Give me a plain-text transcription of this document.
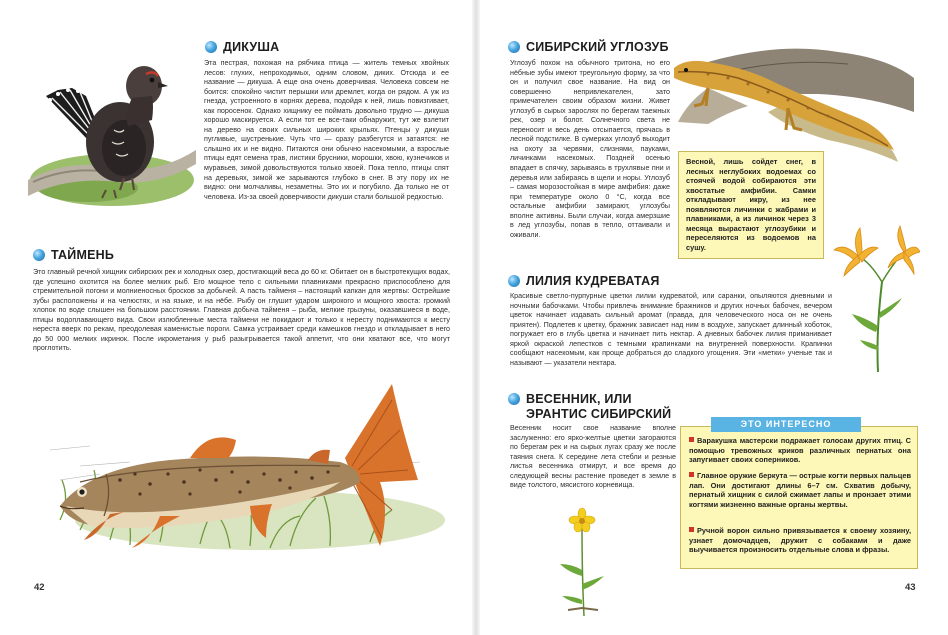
ДИКУША
Эта пестрая, похожая на рябчика птица — житель темных хвойных лесов: глухих, непроходимых, одним словом, диких. Отсюда и ее название — дикуша. А еще она очень доверчивая. Человека совсем не боится: спокойно чистит перышки или дремлет, когда он рядом. А уж из гнезда, устроенного в корнях дерева, подойдя к ней, лишь повизгивает, как поросенок. Однако хищнику ее поймать довольно трудно — дикуша хорошо маскируется. А если тот ее все-таки обнаружит, тут же взлетит на дерево на своих сильных широких крыльях. Птенцы у дикуши пугливые, шустренькие. Чуть что — сразу разбегутся и затаятся: не слышно их и не видно. Питаются они обычно насекомыми, а взрослые птицы едят семена трав, листики брусники, морошки, хвою, кузнечиков и муравьев, зимой довольствуются только хвоей. Пока тепло, птицы спят на деревьях, зимой же зарываются глубоко в снег. В эту пору их не видно: они молчаливы, незаметны. Это их и погубило. Да только не от человека. Из-за своей доверчивости дикуши стали большой редкостью.
ТАЙМЕНЬ
Это главный речной хищник сибирских рек и холодных озер, достигающий веса до 60 кг. Обитает он в быстротекущих водах, где успешно охотится на более мелких рыб. Его мощное тело с сильными плавниками прекрасно приспособлено для стремительной погони и молниеносных бросков за добычей. А пасть тайменя – настоящий капкан для жертвы: Острейшие зубы расположены и на челюстях, и на языке, и на нёбе. Рыбу он глушит ударом широкого и мощного хвоста: громкий хлопок по воде слышен на большом расстоянии. Главная добыча тайменя – рыба, мелкие грызуны, оказавшиеся в воде, птицы водоплавающего вида. Свои излюбленные места таймени не покидают и только к нересту поднимаются к месту нереста вверх по рекам, преодолевая каменистые пороги. Самка устраивает среди камешков гнездо и откладывает в него до 50 000 мелких икринок. После икрометания у рыб разыгрывается такой аппетит, что они хватают все, что могут проглотить.
42
СИБИРСКИЙ УГЛОЗУБ
Углозуб похож на обычного тритона, но его нёбные зубы имеют треугольную форму, за что он и получил свое название. На вид он совершенно непривлекателен, зато примечателен своим образом жизни. Живет углозуб в сырых зарослях по берегам таежных рек, озер и болот. Солнечного света не переносит и весь день отсыпается, прячась в лесной подстилке. В сумерках углозуб выходит на охоту за червями, слизнями, пауками, личинками насекомых. Поздней осенью впадает в спячку, зарываясь в трухлявые пни и деревья или забираясь в щели и норы. Углозуб – самая морозостойкая в мире амфибия: даже при температуре около 0 °С, когда все остальные амфибии замирают, углозубы вполне активны. Были случаи, когда амерзшие в лед углозубы, попав в тепло, оттаивали и оживали.
Весной, лишь сойдет снег, в лесных неглубоких водоемах со стоячей водой собираются эти хвостатые амфибии. Самки откладывают икру, из нее появляются личинки с жабрами и плавниками, а из личинок через 3 месяца вырастают углозубики и переселяются из водоемов на сушу.
ЛИЛИЯ КУДРЕВАТАЯ
Красивые светло-пурпурные цветки лилии кудреватой, или саранки, опыляются дневными и ночными бабочками. Чтобы привлечь внимание бражников и других ночных бабочек, вечером цветок начинает издавать сильный аромат (правда, для человеческого носа он не очень приятен). Подлетев к цветку, бражник зависает над ним в воздухе, запускает длинный хоботок, погружает его в глубь цветка и начинает пить нектар. А дневных бабочек лилия приманивает яркой окраской лепестков с темными крапинками на внутренней поверхности. Крапинки сообщают насекомым, как проще добраться до сладкого угощения. Эти «метки» ученые так и называют — указатели нектара.
ВЕСЕННИК, ИЛИ
ЭРАНТИС СИБИРСКИЙ
Весенник носит свое название вполне заслуженно: его ярко-желтые цветки загораются по берегам рек и на сырых лугах сразу же после таяния снега. К середине лета стебли и резные листья весенника отмирут, и все время до следующей весны растение проведет в земле в виде толстого, мясистого корневища.
ЭТО ИНТЕРЕСНО
Варакушка мастерски подражает голосам других птиц. С помощью тревожных криков различных пернатых она запугивает своих соперников.
Главное оружие беркута — острые когти первых пальцев лап. Они достигают длины 6–7 см. Схватив добычу, пернатый хищник с силой сжимает лапы и пронзает этими когтями жизненно важные органы жертвы.
Ручной ворон сильно привязывается к своему хозяину, узнает домочадцев, дружит с собаками и даже выучивается произносить отдельные слова и фразы.
43
